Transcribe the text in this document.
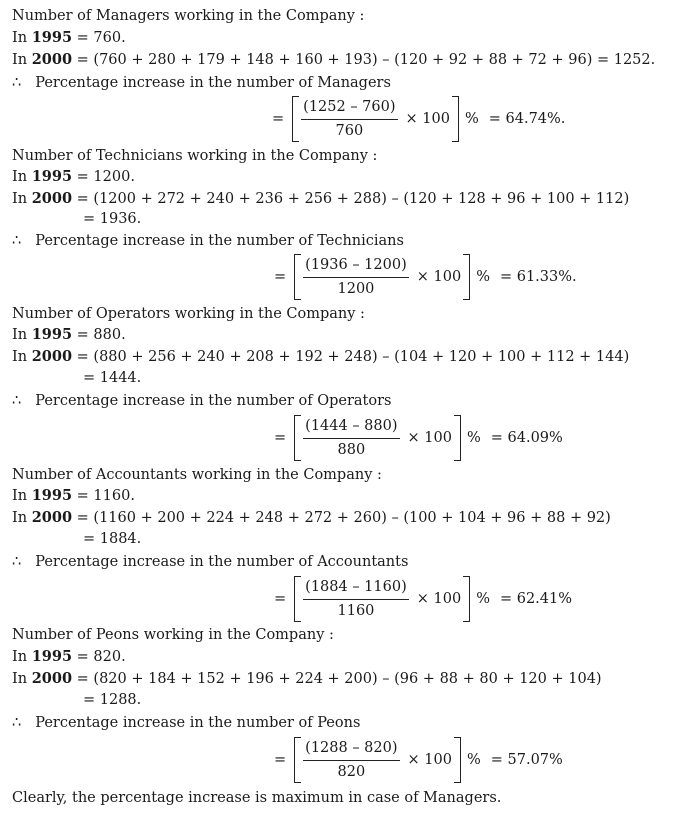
Number of Managers working in the Company :
In 1995 = 760.
In 2000 = (760 + 280 + 179 + 148 + 160 + 193) – (120 + 92 + 88 + 72 + 96) = 1252.
∴ Percentage increase in the number of Managers
= $\frac{(1252 - 760)}{760} \times 100$ % = 64.74%.
Number of Technicians working in the Company :
In 1995 = 1200.
In 2000 = (1200 + 272 + 240 + 236 + 256 + 288) – (120 + 128 + 96 + 100 + 112)
= 1936.
∴ Percentage increase in the number of Technicians
= $\frac{(1936 - 1200)}{1200} \times 100$ % = 61.33%.
Number of Operators working in the Company :
In 1995 = 880.
In 2000 = (880 + 256 + 240 + 208 + 192 + 248) – (104 + 120 + 100 + 112 + 144)
= 1444.
∴ Percentage increase in the number of Operators
= $\frac{(1444 - 880)}{880} \times 100$ % = 64.09%
Number of Accountants working in the Company :
In 1995 = 1160.
In 2000 = (1160 + 200 + 224 + 248 + 272 + 260) – (100 + 104 + 96 + 88 + 92)
= 1884.
∴ Percentage increase in the number of Accountants
= $\frac{(1884 - 1160)}{1160} \times 100$ % = 62.41%
Number of Peons working in the Company :
In 1995 = 820.
In 2000 = (820 + 184 + 152 + 196 + 224 + 200) – (96 + 88 + 80 + 120 + 104)
= 1288.
∴ Percentage increase in the number of Peons
= $\frac{(1288 - 820)}{820} \times 100$ % = 57.07%
Clearly, the percentage increase is maximum in case of Managers.
